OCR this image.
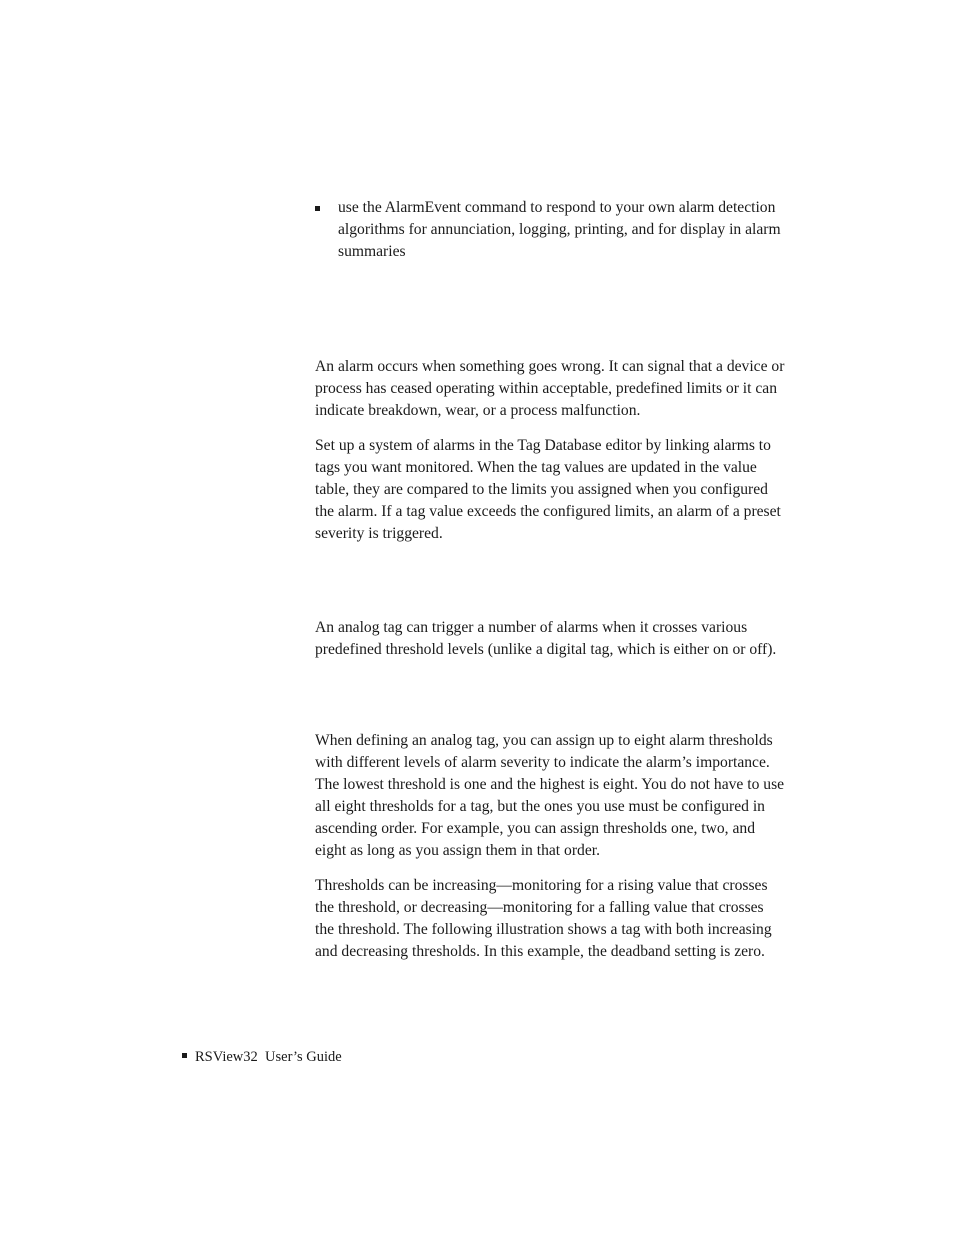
use the AlarmEvent command to respond to your own alarm detection algorithms for annunciation, logging, printing, and for display in alarm summaries

An alarm occurs when something goes wrong. It can signal that a device or process has ceased operating within acceptable, predefined limits or it can indicate breakdown, wear, or a process malfunction.

Set up a system of alarms in the Tag Database editor by linking alarms to tags you want monitored. When the tag values are updated in the value table, they are compared to the limits you assigned when you configured the alarm. If a tag value exceeds the configured limits, an alarm of a preset severity is triggered.

An analog tag can trigger a number of alarms when it crosses various predefined threshold levels (unlike a digital tag, which is either on or off).

When defining an analog tag, you can assign up to eight alarm thresholds with different levels of alarm severity to indicate the alarm’s importance. The lowest threshold is one and the highest is eight. You do not have to use all eight thresholds for a tag, but the ones you use must be configured in ascending order. For example, you can assign thresholds one, two, and eight as long as you assign them in that order.

Thresholds can be increasing—monitoring for a rising value that crosses the threshold, or decreasing—monitoring for a falling value that crosses the threshold. The following illustration shows a tag with both increasing and decreasing thresholds. In this example, the deadband setting is zero.

RSView32  User’s Guide
